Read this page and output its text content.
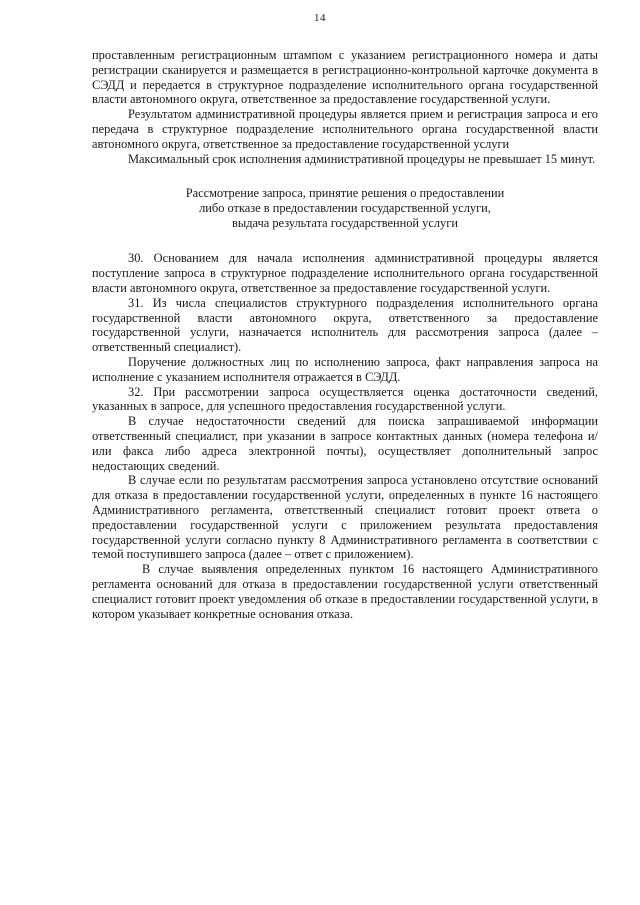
14

проставленным регистрационным штампом с указанием регистрационного номера и даты регистрации сканируется и размещается в регистрационно-контрольной карточке документа в СЭДД и передается в структурное подразделение исполнительного органа государственной власти автономного округа, ответственное за предоставление государственной услуги.

Результатом административной процедуры является прием и регистрация запроса и его передача в структурное подразделение исполнительного органа государственной власти автономного округа, ответственное за предоставление государственной услуги

Максимальный срок исполнения административной процедуры не превышает 15 минут.

Рассмотрение запроса, принятие решения о предоставлении
либо отказе в предоставлении государственной услуги,
выдача результата государственной услуги

30. Основанием для начала исполнения административной процедуры является поступление запроса в структурное подразделение исполнительного органа государственной власти автономного округа, ответственное за предоставление государственной услуги.

31. Из числа специалистов структурного подразделения исполнительного органа государственной власти автономного округа, ответственного за предоставление государственной услуги, назначается исполнитель для рассмотрения запроса (далее – ответственный специалист).

Поручение должностных лиц по исполнению запроса, факт направления запроса на исполнение с указанием исполнителя отражается в СЭДД.

32. При рассмотрении запроса осуществляется оценка достаточности сведений, указанных в запросе, для успешного предоставления государственной услуги.

В случае недостаточности сведений для поиска запрашиваемой информации ответственный специалист, при указании в запросе контактных данных (номера телефона и/или факса либо адреса электронной почты), осуществляет дополнительный запрос недостающих сведений.

В случае если по результатам рассмотрения запроса установлено отсутствие оснований для отказа в предоставлении государственной услуги, определенных в пункте 16 настоящего Административного регламента, ответственный специалист готовит проект ответа о предоставлении государственной услуги с приложением результата предоставления государственной услуги согласно пункту 8 Административного регламента в соответствии с темой поступившего запроса (далее – ответ с приложением).

В случае выявления определенных пунктом 16 настоящего Административного регламента оснований для отказа в предоставлении государственной услуги ответственный специалист готовит проект уведомления об отказе в предоставлении государственной услуги, в котором указывает конкретные основания отказа.
